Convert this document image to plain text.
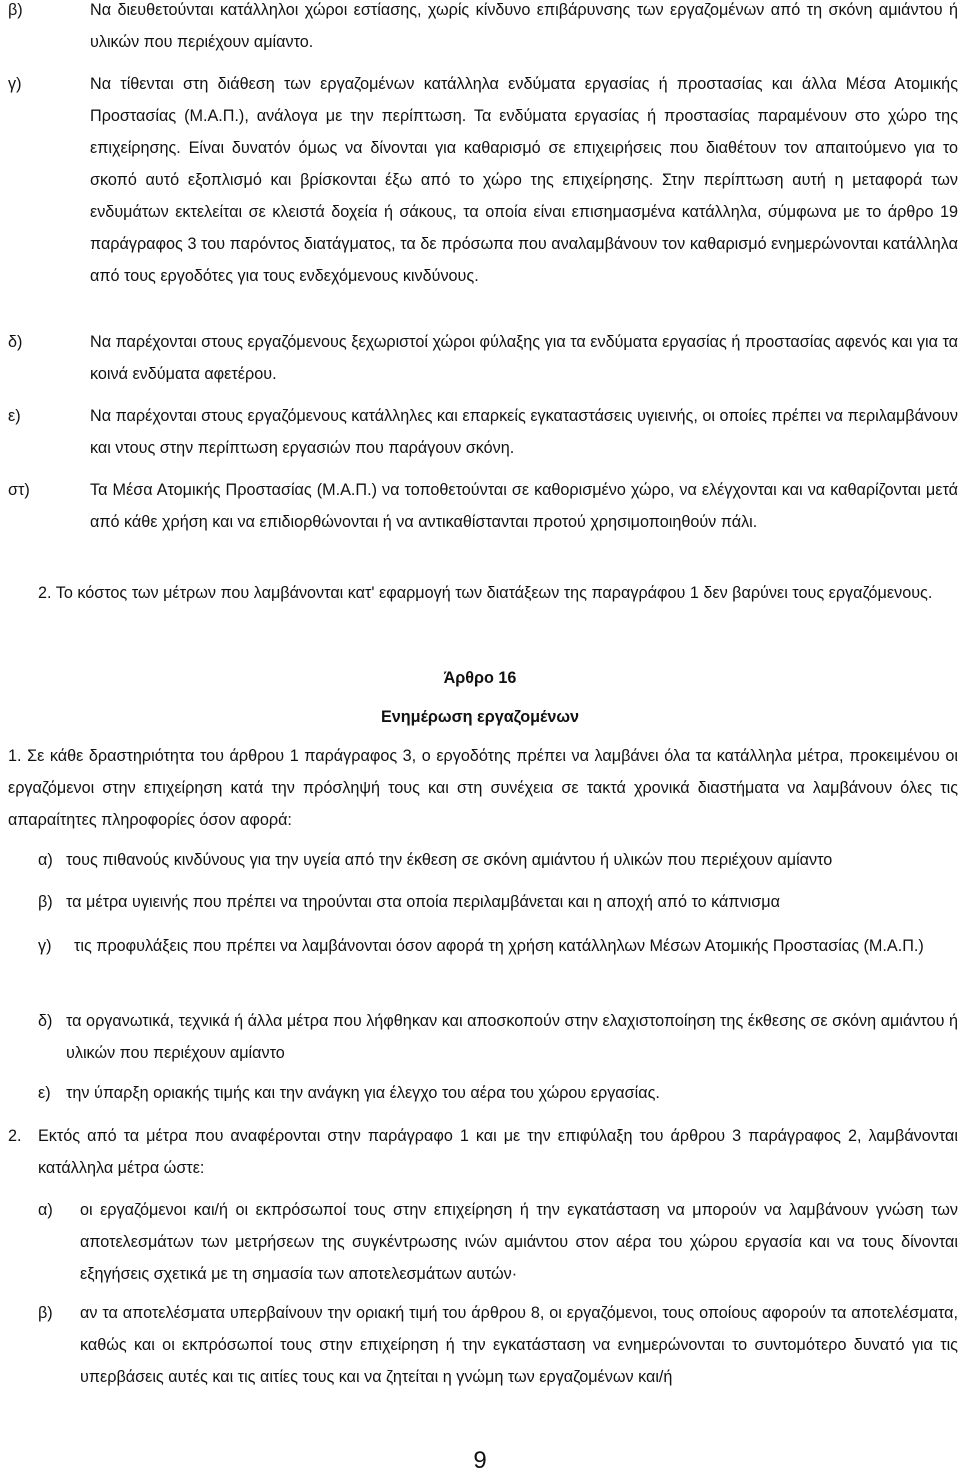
β)	Να διευθετούνται κατάλληλοι χώροι εστίασης, χωρίς κίνδυνο επιβάρυνσης των εργαζομένων από τη σκόνη αμιάντου ή υλικών που περιέχουν αμίαντο.
γ)	Να τίθενται στη διάθεση των εργαζομένων κατάλληλα ενδύματα εργασίας ή προστασίας και άλλα Μέσα Ατομικής Προστασίας (Μ.Α.Π.), ανάλογα με την περίπτωση. Τα ενδύματα εργασίας ή προστασίας παραμένουν στο χώρο της επιχείρησης. Είναι δυνατόν όμως να δίνονται για καθαρισμό σε επιχειρήσεις που διαθέτουν τον απαιτούμενο για το σκοπό αυτό εξοπλισμό και βρίσκονται έξω από το χώρο της επιχείρησης. Στην περίπτωση αυτή η μεταφορά των ενδυμάτων εκτελείται σε κλειστά δοχεία ή σάκους, τα οποία είναι επισημασμένα κατάλληλα, σύμφωνα με το άρθρο 19 παράγραφος 3 του παρόντος διατάγματος, τα δε πρόσωπα που αναλαμβάνουν τον καθαρισμό ενημερώνονται κατάλληλα από τους εργοδότες για τους ενδεχόμενους κινδύνους.
δ)	Να παρέχονται στους εργαζόμενους ξεχωριστοί χώροι φύλαξης για τα ενδύματα εργασίας ή προστασίας αφενός και για τα κοινά ενδύματα αφετέρου.
ε)	Να παρέχονται στους εργαζόμενους κατάλληλες και επαρκείς εγκαταστάσεις υγιεινής, οι οποίες πρέπει να περιλαμβάνουν και ντους στην περίπτωση εργασιών που παράγουν σκόνη.
στ)	Τα Μέσα Ατομικής Προστασίας (Μ.Α.Π.) να τοποθετούνται σε καθορισμένο χώρο, να ελέγχονται και να καθαρίζονται μετά από κάθε χρήση και να επιδιορθώνονται ή να αντικαθίστανται προτού χρησιμοποιηθούν πάλι.
2. Το κόστος των μέτρων που λαμβάνονται κατ' εφαρμογή των διατάξεων της παραγράφου 1 δεν βαρύνει τους εργαζόμενους.
Άρθρο 16
Ενημέρωση εργαζομένων
1. Σε κάθε δραστηριότητα του άρθρου 1 παράγραφος 3, ο εργοδότης πρέπει να λαμβάνει όλα τα κατάλληλα μέτρα, προκειμένου οι εργαζόμενοι στην επιχείρηση κατά την πρόσληψή τους και στη συνέχεια σε τακτά χρονικά διαστήματα να λαμβάνουν όλες τις απαραίτητες πληροφορίες όσον αφορά:
α) τους πιθανούς κινδύνους για την υγεία από την έκθεση σε σκόνη αμιάντου ή υλικών που περιέχουν αμίαντο
β) τα μέτρα υγιεινής που πρέπει να τηρούνται στα οποία περιλαμβάνεται και η αποχή από το κάπνισμα
γ) τις προφυλάξεις που πρέπει να λαμβάνονται όσον αφορά τη χρήση κατάλληλων Μέσων Ατομικής Προστασίας (Μ.Α.Π.)
δ) τα οργανωτικά, τεχνικά ή άλλα μέτρα που λήφθηκαν και αποσκοπούν στην ελαχιστοποίηση της έκθεσης σε σκόνη αμιάντου ή υλικών που περιέχουν αμίαντο
ε) την ύπαρξη οριακής τιμής και την ανάγκη για έλεγχο του αέρα του χώρου εργασίας.
2. Εκτός από τα μέτρα που αναφέρονται στην παράγραφο 1 και με την επιφύλαξη του άρθρου 3 παράγραφος 2, λαμβάνονται κατάλληλα μέτρα ώστε:
α) οι εργαζόμενοι και/ή οι εκπρόσωποί τους στην επιχείρηση ή την εγκατάσταση να μπορούν να λαμβάνουν γνώση των αποτελεσμάτων των μετρήσεων της συγκέντρωσης ινών αμιάντου στον αέρα του χώρου εργασία και να τους δίνονται εξηγήσεις σχετικά με τη σημασία των αποτελεσμάτων αυτών·
β) αν τα αποτελέσματα υπερβαίνουν την οριακή τιμή του άρθρου 8, οι εργαζόμενοι, τους οποίους αφορούν τα αποτελέσματα, καθώς και οι εκπρόσωποί τους στην επιχείρηση ή την εγκατάσταση να ενημερώνονται το συντομότερο δυνατό για τις υπερβάσεις αυτές και τις αιτίες τους και να ζητείται η γνώμη των εργαζομένων και/ή
9
